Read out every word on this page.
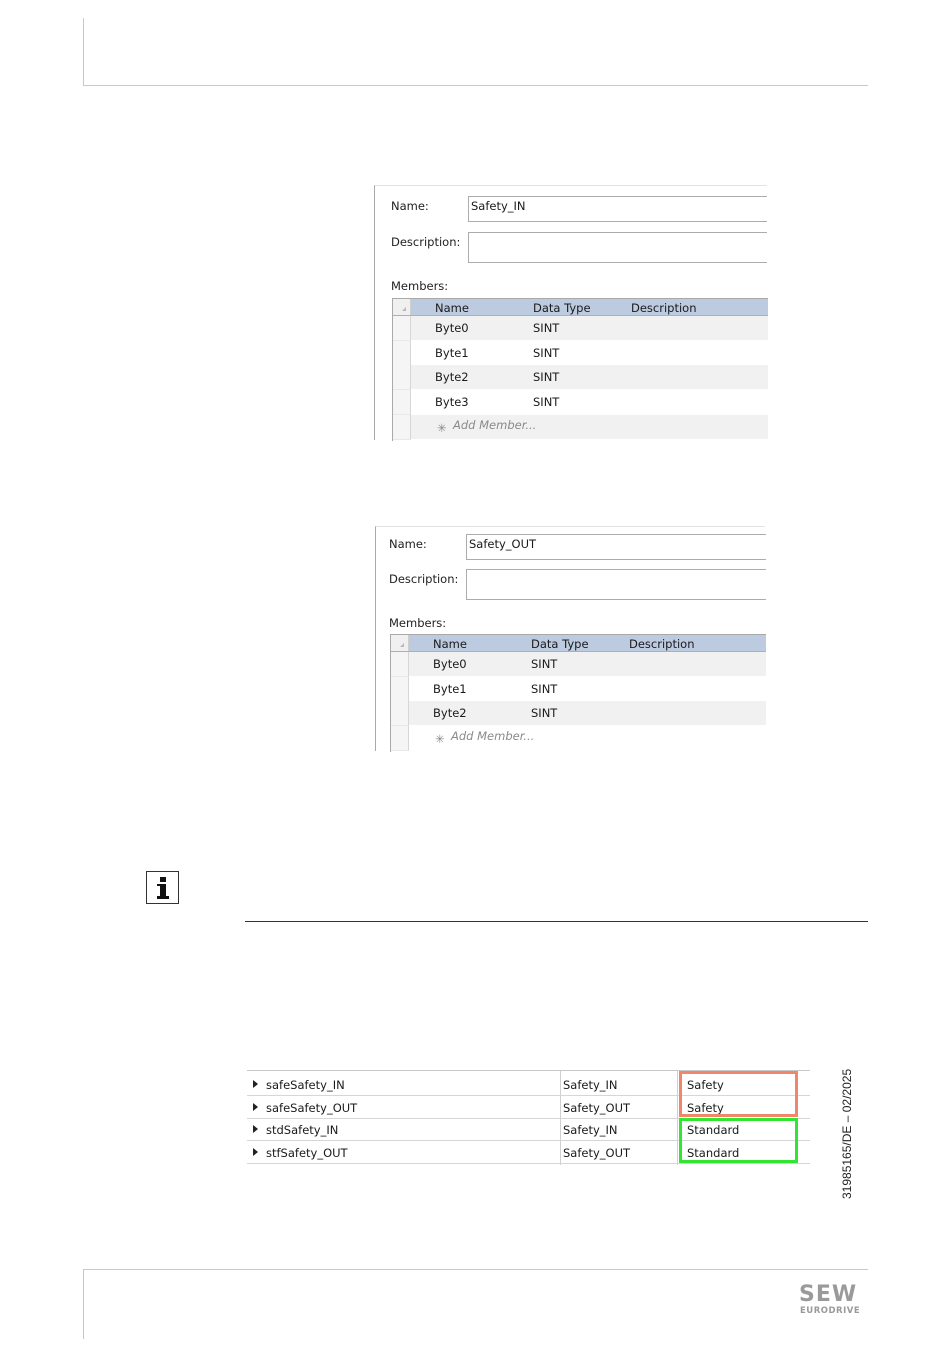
Name:	Safety_IN
Description:
Members:
Name	Data Type	Description
Byte0	SINT
Byte1	SINT
Byte2	SINT
Byte3	SINT
✳ Add Member...
Name:	Safety_OUT
Description:
Members:
Name	Data Type	Description
Byte0	SINT
Byte1	SINT
Byte2	SINT
✳ Add Member...
safeSafety_IN	Safety_IN	Safety
safeSafety_OUT	Safety_OUT	Safety
stdSafety_IN	Safety_IN	Standard
stfSafety_OUT	Safety_OUT	Standard	31985165/DE – 02/2025
SEW
EURODRIVE
